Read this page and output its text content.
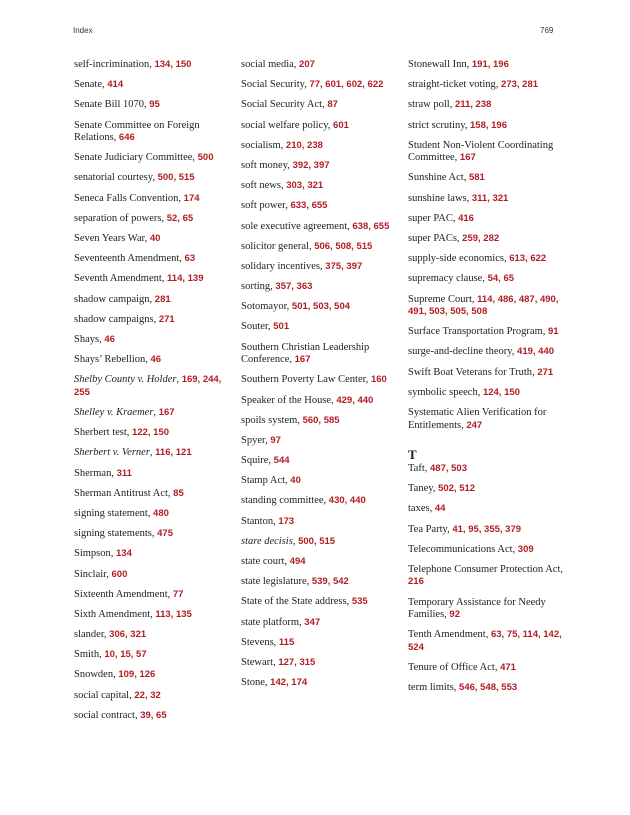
Index	769
self-incrimination, 134, 150
Senate, 414
Senate Bill 1070, 95
Senate Committee on Foreign Relations, 646
Senate Judiciary Committee, 500
senatorial courtesy, 500, 515
Seneca Falls Convention, 174
separation of powers, 52, 65
Seven Years War, 40
Seventeenth Amendment, 63
Seventh Amendment, 114, 139
shadow campaign, 281
shadow campaigns, 271
Shays, 46
Shays’ Rebellion, 46
Shelby County v. Holder, 169, 244, 255
Shelley v. Kraemer, 167
Sherbert test, 122, 150
Sherbert v. Verner, 116, 121
Sherman, 311
Sherman Antitrust Act, 85
signing statement, 480
signing statements, 475
Simpson, 134
Sinclair, 600
Sixteenth Amendment, 77
Sixth Amendment, 113, 135
slander, 306, 321
Smith, 10, 15, 57
Snowden, 109, 126
social capital, 22, 32
social contract, 39, 65
social media, 207
Social Security, 77, 601, 602, 622
Social Security Act, 87
social welfare policy, 601
socialism, 210, 238
soft money, 392, 397
soft news, 303, 321
soft power, 633, 655
sole executive agreement, 638, 655
solicitor general, 506, 508, 515
solidary incentives, 375, 397
sorting, 357, 363
Sotomayor, 501, 503, 504
Souter, 501
Southern Christian Leadership Conference, 167
Southern Poverty Law Center, 160
Speaker of the House, 429, 440
spoils system, 560, 585
Spyer, 97
Squire, 544
Stamp Act, 40
standing committee, 430, 440
Stanton, 173
stare decisis, 500, 515
state court, 494
state legislature, 539, 542
State of the State address, 535
state platform, 347
Stevens, 115
Stewart, 127, 315
Stone, 142, 174
Stonewall Inn, 191, 196
straight-ticket voting, 273, 281
straw poll, 211, 238
strict scrutiny, 158, 196
Student Non-Violent Coordinating Committee, 167
Sunshine Act, 581
sunshine laws, 311, 321
super PAC, 416
super PACs, 259, 282
supply-side economics, 613, 622
supremacy clause, 54, 65
Supreme Court, 114, 486, 487, 490, 491, 503, 505, 508
Surface Transportation Program, 91
surge-and-decline theory, 419, 440
Swift Boat Veterans for Truth, 271
symbolic speech, 124, 150
Systematic Alien Verification for Entitlements, 247
T
Taft, 487, 503
Taney, 502, 512
taxes, 44
Tea Party, 41, 95, 355, 379
Telecommunications Act, 309
Telephone Consumer Protection Act, 216
Temporary Assistance for Needy Families, 92
Tenth Amendment, 63, 75, 114, 142, 524
Tenure of Office Act, 471
term limits, 546, 548, 553
